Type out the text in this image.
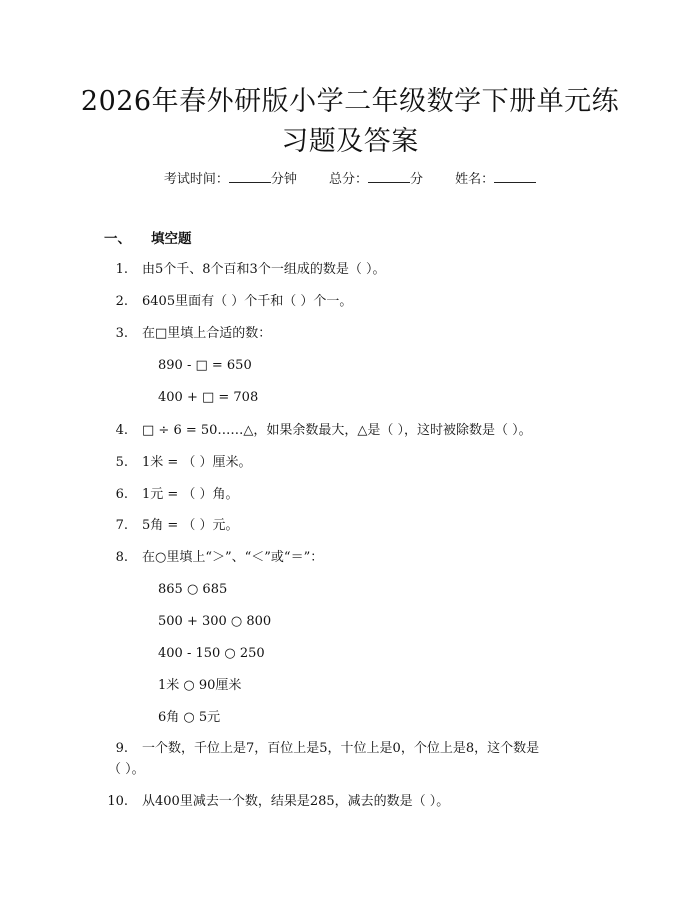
2026年春外研版小学二年级数学下册单元练
习题及答案
考试时间：	分钟 总分：	分 姓名：
一、 填空题
1. 由5个千、8个百和3个一组成的数是（ ）。
2. 6405里面有（ ）个千和（ ）个一。
3. 在□里填上合适的数：
890 - □ = 650
400 + □ = 708
4. □ ÷ 6 = 50……△，如果余数最大，△是（ ），这时被除数是（ ）。
5. 1米 = （ ）厘米。
6. 1元 = （ ）角。
7. 5角 = （ ）元。
8. 在○里填上“＞”、“＜”或“＝”：
865 ○ 685
500 + 300 ○ 800
400 - 150 ○ 250
1米 ○ 90厘米
6角 ○ 5元
9. 一个数，千位上是7，百位上是5，十位上是0，个位上是8，这个数是
（ ）。
10. 从400里减去一个数，结果是285，减去的数是（ ）。
